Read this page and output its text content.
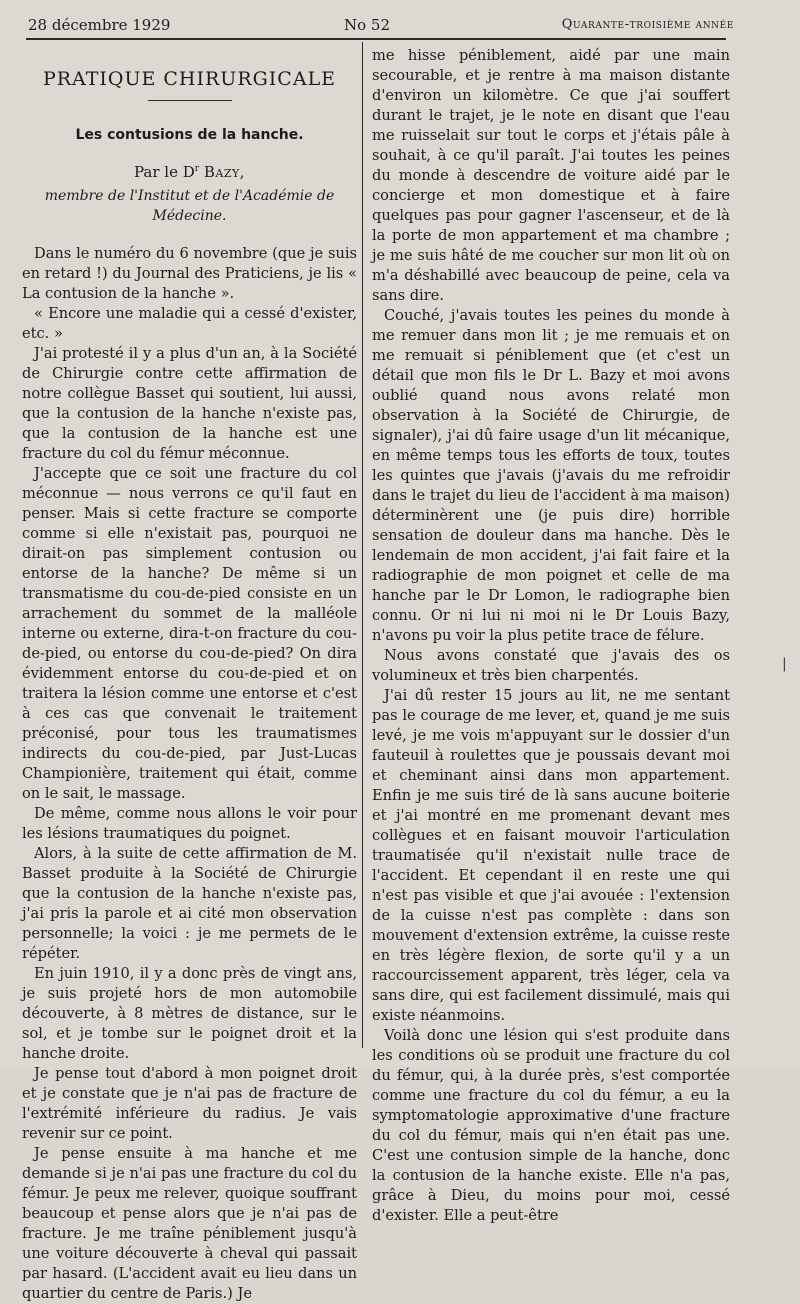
28 décembre 1929	No 52	Quarante-troisième année
PRATIQUE CHIRURGICALE
Les contusions de la hanche.
Par le $D^r$ Bazy,
membre de l'Institut et de l'Académie de Médecine.

Dans le numéro du 6 novembre (que je suis en retard !) du Journal des Praticiens, je lis « La contusion de la hanche ».

« Encore une maladie qui a cessé d'exister, etc. »

J'ai protesté il y a plus d'un an, à la Société de Chirurgie contre cette affirmation de notre collègue Basset qui soutient, lui aussi, que la contusion de la hanche n'existe pas, que la contusion de la hanche est une fracture du col du fémur méconnue.

J'accepte que ce soit une fracture du col méconnue — nous verrons ce qu'il faut en penser. Mais si cette fracture se comporte comme si elle n'existait pas, pourquoi ne dirait-on pas simplement contusion ou entorse de la hanche? De même si un transmatisme du cou-de-pied consiste en un arrachement du sommet de la malléole interne ou externe, dira-t-on fracture du cou-de-pied, ou entorse du cou-de-pied? On dira évidemment entorse du cou-de-pied et on traitera la lésion comme une entorse et c'est à ces cas que convenait le traitement préconisé, pour tous les traumatismes indirects du cou-de-pied, par Just-Lucas Championière, traitement qui était, comme on le sait, le massage.

De même, comme nous allons le voir pour les lésions traumatiques du poignet.

Alors, à la suite de cette affirmation de M. Basset produite à la Société de Chirurgie que la contusion de la hanche n'existe pas, j'ai pris la parole et ai cité mon observation personnelle; la voici : je me permets de le répéter.

En juin 1910, il y a donc près de vingt ans, je suis projeté hors de mon automobile découverte, à 8 mètres de distance, sur le sol, et je tombe sur le poignet droit et la hanche droite.

Je pense tout d'abord à mon poignet droit et je constate que je n'ai pas de fracture de l'extrémité inférieure du radius. Je vais revenir sur ce point.

Je pense ensuite à ma hanche et me demande si je n'ai pas une fracture du col du fémur. Je peux me relever, quoique souffrant beaucoup et pense alors que je n'ai pas de fracture. Je me traîne péniblement jusqu'à une voiture découverte à cheval qui passait par hasard. (L'accident avait eu lieu dans un quartier du centre de Paris.) Je

me hisse péniblement, aidé par une main secourable, et je rentre à ma maison distante d'environ un kilomètre. Ce que j'ai souffert durant le trajet, je le note en disant que l'eau me ruisselait sur tout le corps et j'étais pâle à souhait, à ce qu'il paraît. J'ai toutes les peines du monde à descendre de voiture aidé par le concierge et mon domestique et à faire quelques pas pour gagner l'ascenseur, et de là la porte de mon appartement et ma chambre ; je me suis hâté de me coucher sur mon lit où on m'a déshabillé avec beaucoup de peine, cela va sans dire.

Couché, j'avais toutes les peines du monde à me remuer dans mon lit ; je me remuais et on me remuait si péniblement que (et c'est un détail que mon fils le Dr L. Bazy et moi avons oublié quand nous avons relaté mon observation à la Société de Chirurgie, de signaler), j'ai dû faire usage d'un lit mécanique, en même temps tous les efforts de toux, toutes les quintes que j'avais (j'avais du me refroidir dans le trajet du lieu de l'accident à ma maison) déterminèrent une (je puis dire) horrible sensation de douleur dans ma hanche. Dès le lendemain de mon accident, j'ai fait faire et la radiographie de mon poignet et celle de ma hanche par le Dr Lomon, le radiographe bien connu. Or ni lui ni moi ni le Dr Louis Bazy, n'avons pu voir la plus petite trace de félure.

Nous avons constaté que j'avais des os volumineux et très bien charpentés.

J'ai dû rester 15 jours au lit, ne me sentant pas le courage de me lever, et, quand je me suis levé, je me vois m'appuyant sur le dossier d'un fauteuil à roulettes que je poussais devant moi et cheminant ainsi dans mon appartement. Enfin je me suis tiré de là sans aucune boiterie et j'ai montré en me promenant devant mes collègues et en faisant mouvoir l'articulation traumatisée qu'il n'existait nulle trace de l'accident. Et cependant il en reste une qui n'est pas visible et que j'ai avouée : l'extension de la cuisse n'est pas complète : dans son mouvement d'extension extrême, la cuisse reste en très légère flexion, de sorte qu'il y a un raccourcissement apparent, très léger, cela va sans dire, qui est facilement dissimulé, mais qui existe néanmoins.

Voilà donc une lésion qui s'est produite dans les conditions où se produit une fracture du col du fémur, qui, à la durée près, s'est comportée comme une fracture du col du fémur, a eu la symptomatologie approximative d'une fracture du col du fémur, mais qui n'en était pas une. C'est une contusion simple de la hanche, donc la contusion de la hanche existe. Elle n'a pas, grâce à Dieu, du moins pour moi, cessé d'exister. Elle a peut-être

|
